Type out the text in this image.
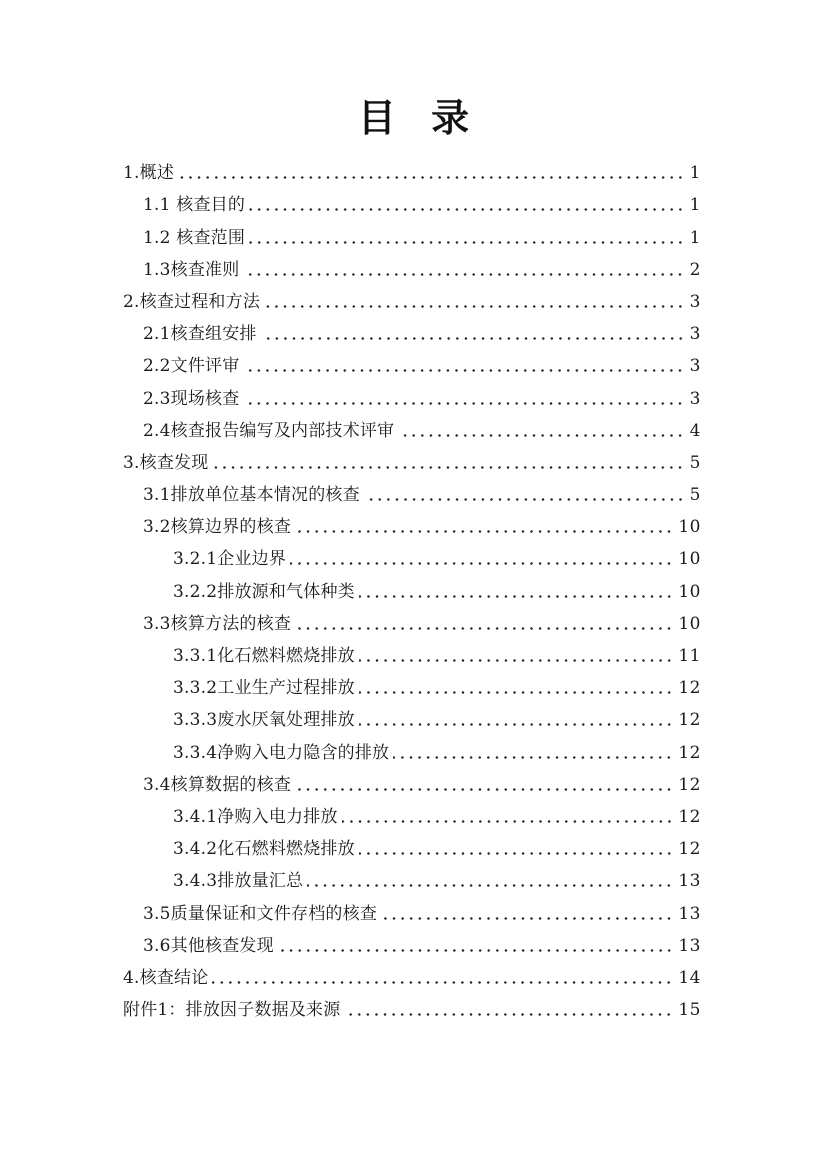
目 录
1.概述	1
1.1 核查目的	1
1.2 核查范围	1
1.3核查准则	2
2.核查过程和方法	3
2.1核查组安排	3
2.2文件评审	3
2.3现场核查	3
2.4核查报告编写及内部技术评审	4
3.核查发现	5
3.1排放单位基本情况的核查	5
3.2核算边界的核查	10
3.2.1企业边界	10
3.2.2排放源和气体种类	10
3.3核算方法的核查	10
3.3.1化石燃料燃烧排放	11
3.3.2工业生产过程排放	12
3.3.3废水厌氧处理排放	12
3.3.4净购入电力隐含的排放	12
3.4核算数据的核查	12
3.4.1净购入电力排放	12
3.4.2化石燃料燃烧排放	12
3.4.3排放量汇总	13
3.5质量保证和文件存档的核查	13
3.6其他核查发现	13
4.核查结论	14
附件1：排放因子数据及来源	15
